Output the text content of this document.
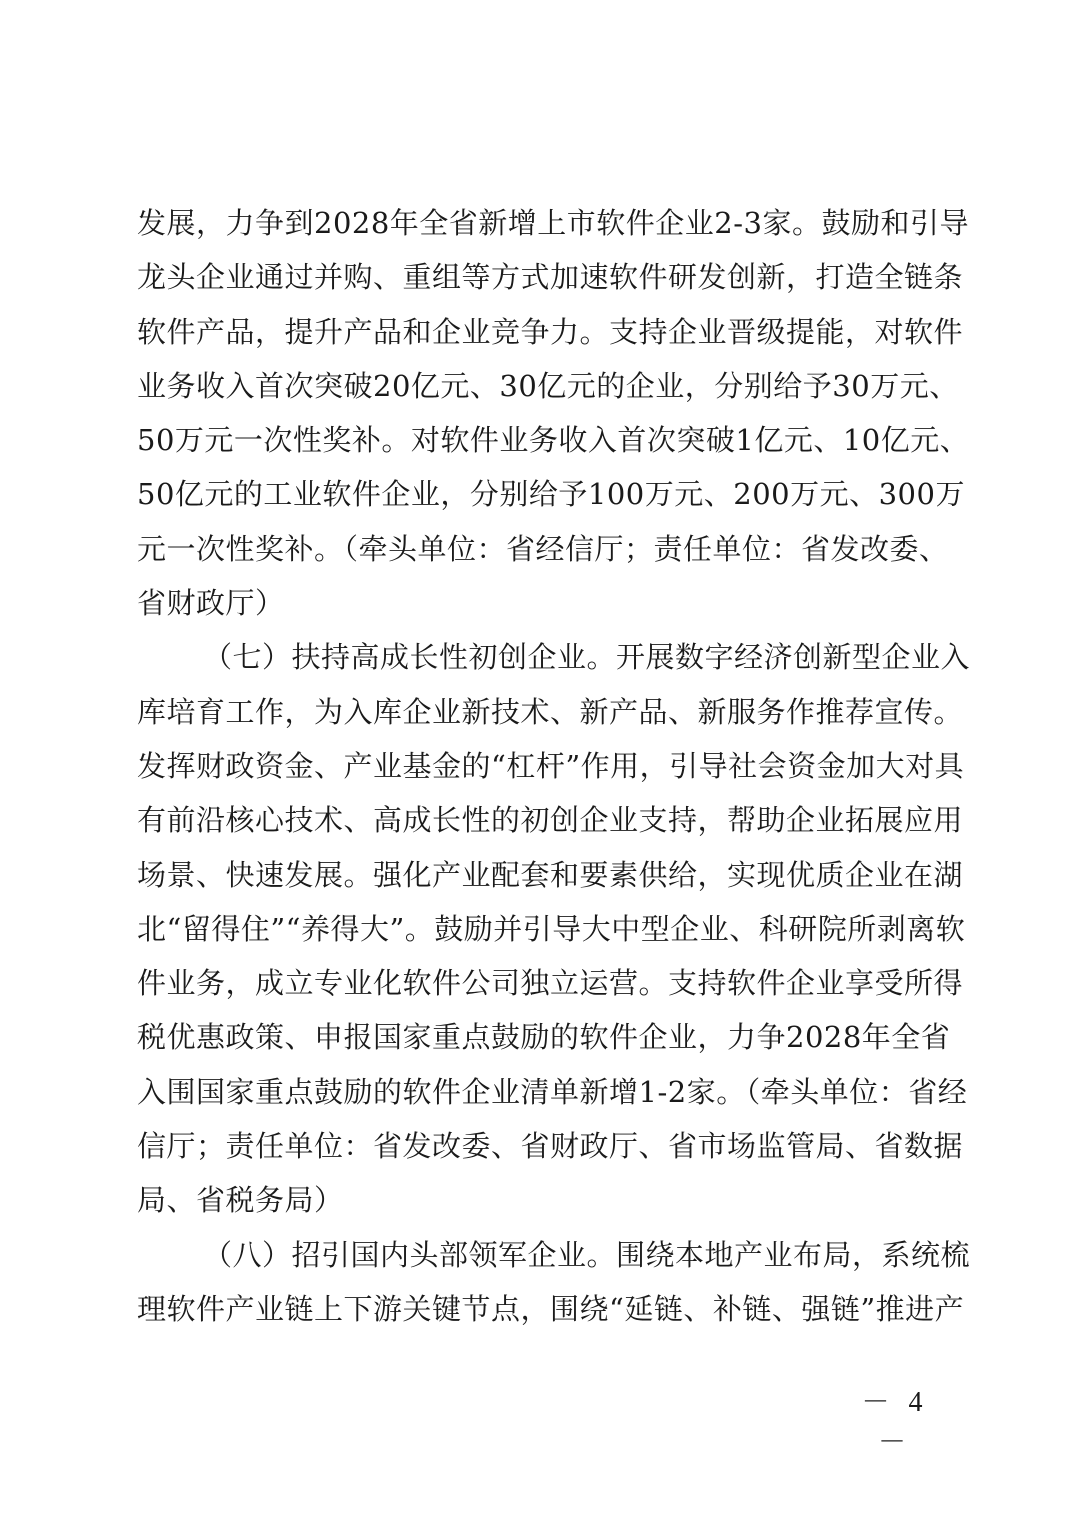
发展，力争到2028年全省新增上市软件企业2-3家。鼓励和引导
龙头企业通过并购、重组等方式加速软件研发创新，打造全链条
软件产品，提升产品和企业竞争力。支持企业晋级提能，对软件
业务收入首次突破20亿元、30亿元的企业，分别给予30万元、
50万元一次性奖补。对软件业务收入首次突破1亿元、10亿元、
50亿元的工业软件企业，分别给予100万元、200万元、300万
元一次性奖补。（牵头单位：省经信厅；责任单位：省发改委、
省财政厅）
（七）扶持高成长性初创企业。开展数字经济创新型企业入
库培育工作，为入库企业新技术、新产品、新服务作推荐宣传。
发挥财政资金、产业基金的“杠杆”作用，引导社会资金加大对具
有前沿核心技术、高成长性的初创企业支持，帮助企业拓展应用
场景、快速发展。强化产业配套和要素供给，实现优质企业在湖
北“留得住”“养得大”。鼓励并引导大中型企业、科研院所剥离软
件业务，成立专业化软件公司独立运营。支持软件企业享受所得
税优惠政策、申报国家重点鼓励的软件企业，力争2028年全省
入围国家重点鼓励的软件企业清单新增1-2家。（牵头单位：省经
信厅；责任单位：省发改委、省财政厅、省市场监管局、省数据
局、省税务局）
（八）招引国内头部领军企业。围绕本地产业布局，系统梳
理软件产业链上下游关键节点，围绕“延链、补链、强链”推进产
－ 4 －
